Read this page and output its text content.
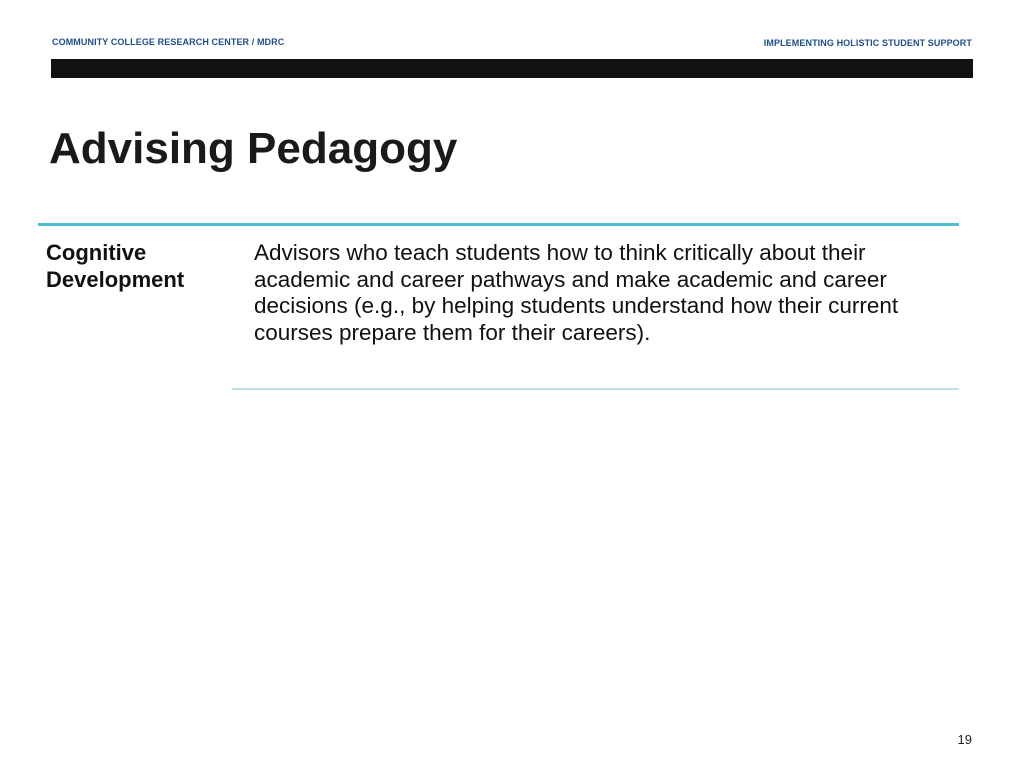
COMMUNITY COLLEGE RESEARCH CENTER / MDRC	IMPLEMENTING HOLISTIC STUDENT SUPPORT
Advising Pedagogy
Cognitive
Development
Advisors who teach students how to think critically about their academic and career pathways and make academic and career decisions (e.g., by helping students understand how their current courses prepare them for their careers).
19
